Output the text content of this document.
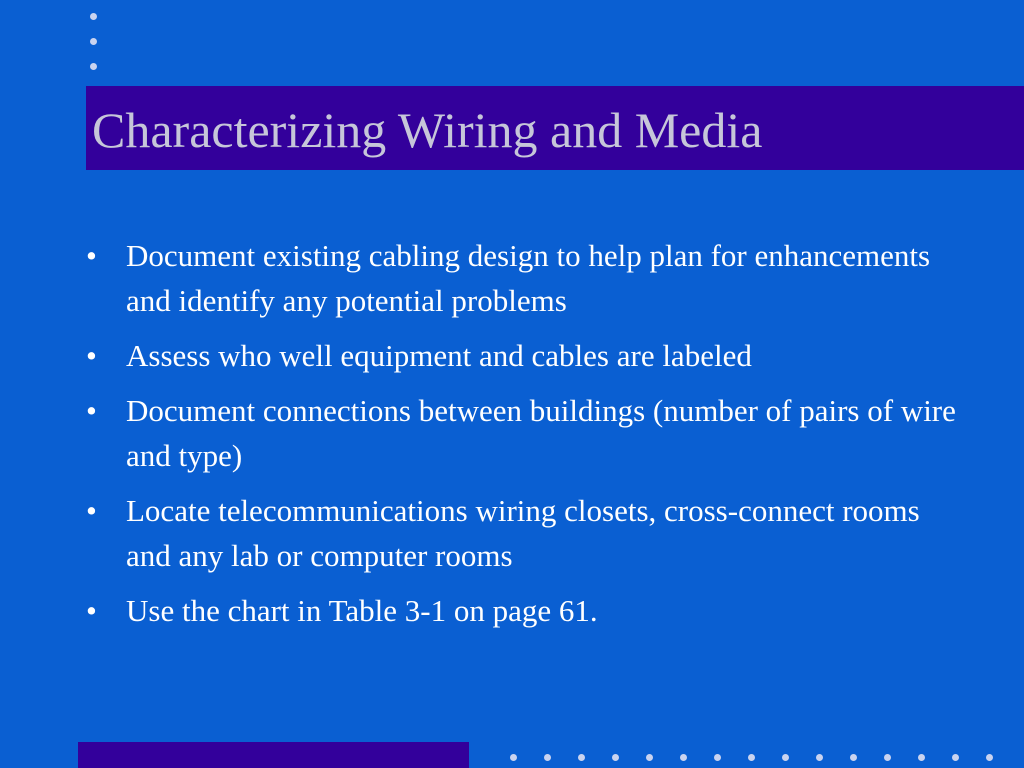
Characterizing Wiring and Media
• Document existing cabling design to help plan for enhancements and identify any potential problems
• Assess who well equipment and cables are labeled
• Document connections between buildings (number of pairs of wire and type)
• Locate telecommunications wiring closets, cross-connect rooms and any lab or computer rooms
• Use the chart in Table 3-1 on page 61.
